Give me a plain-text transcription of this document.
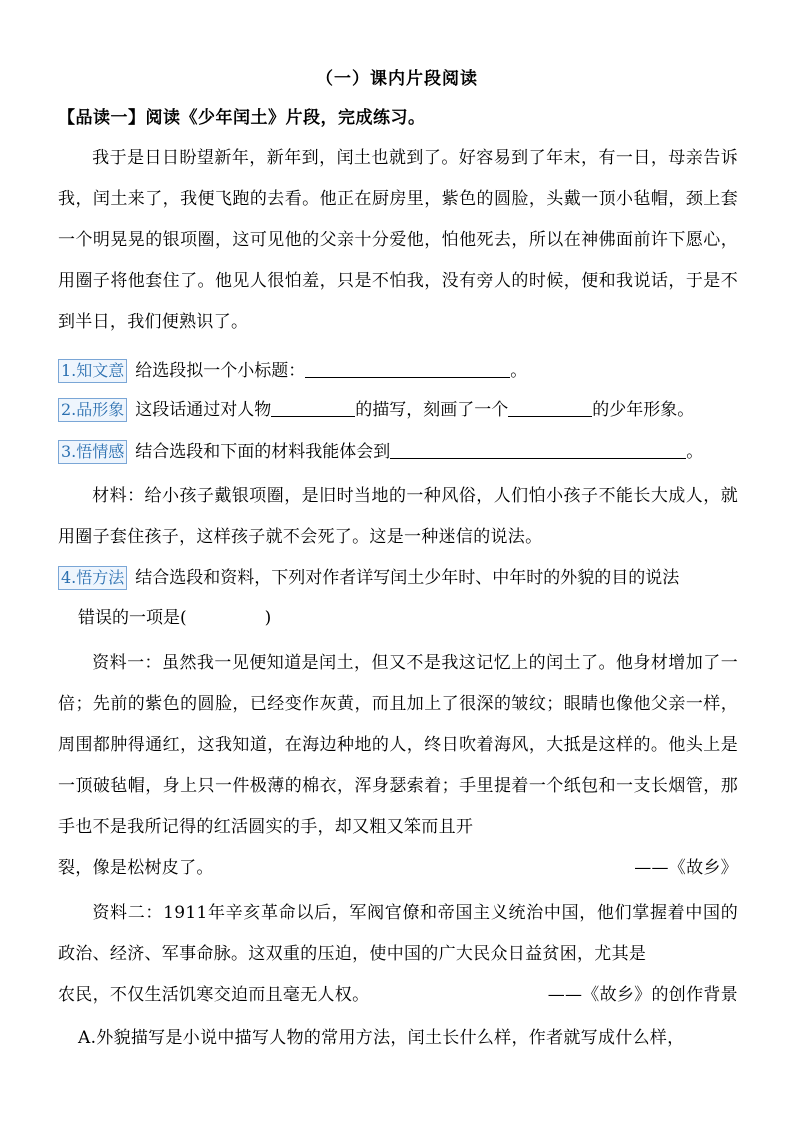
（一）课内片段阅读
【品读一】阅读《少年闰土》片段，完成练习。
我于是日日盼望新年，新年到，闰土也就到了。好容易到了年末，有一日，母亲告诉我，闰土来了，我便飞跑的去看。他正在厨房里，紫色的圆脸，头戴一顶小毡帽，颈上套一个明晃晃的银项圈，这可见他的父亲十分爱他，怕他死去，所以在神佛面前许下愿心，用圈子将他套住了。他见人很怕羞，只是不怕我，没有旁人的时候，便和我说话，于是不到半日，我们便熟识了。
1.知文意 给选段拟一个小标题：	。
2.品形象 这段话通过对人物	的描写，刻画了一个	的少年形象。
3.悟情感 结合选段和下面的材料我能体会到	。
材料：给小孩子戴银项圈，是旧时当地的一种风俗，人们怕小孩子不能长大成人，就用圈子套住孩子，这样孩子就不会死了。这是一种迷信的说法。
4.悟方法 结合选段和资料，下列对作者详写闰土少年时、中年时的外貌的目的说法
错误的一项是(	)
资料一：虽然我一见便知道是闰土，但又不是我这记忆上的闰土了。他身材增加了一倍；先前的紫色的圆脸，已经变作灰黄，而且加上了很深的皱纹；眼睛也像他父亲一样，周围都肿得通红，这我知道，在海边种地的人，终日吹着海风，大抵是这样的。他头上是一顶破毡帽，身上只一件极薄的棉衣，浑身瑟索着；手里提着一个纸包和一支长烟管，那手也不是我所记得的红活圆实的手，却又粗又笨而且开
裂，像是松树皮了。	——《故乡》
资料二：1911年辛亥革命以后，军阀官僚和帝国主义统治中国，他们掌握着中国的政治、经济、军事命脉。这双重的压迫，使中国的广大民众日益贫困，尤其是
农民，不仅生活饥寒交迫而且毫无人权。	——《故乡》的创作背景
A.外貌描写是小说中描写人物的常用方法，闰土长什么样，作者就写成什么样，
